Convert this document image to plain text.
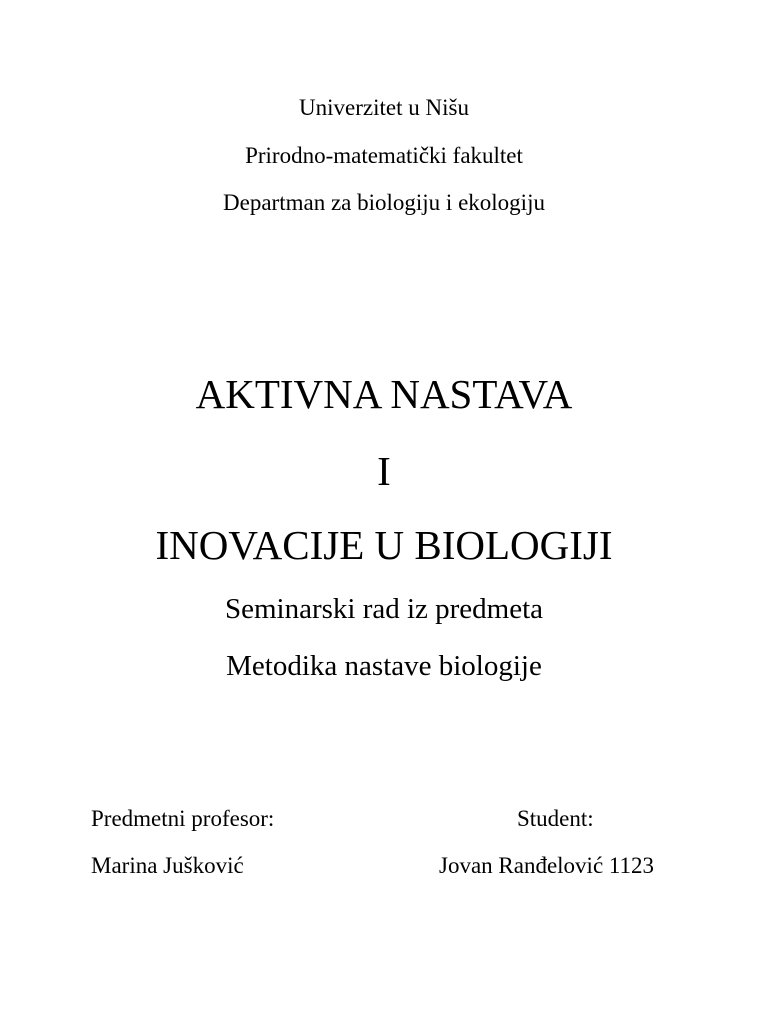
Univerzitet u Nišu
Prirodno-matematički fakultet
Departman za biologiju i ekologiju
AKTIVNA NASTAVA
I
INOVACIJE U BIOLOGIJI
Seminarski rad iz predmeta
Metodika nastave biologije
Predmetni profesor:
Marina Jušković
Student:
Jovan Ranđelović 1123
